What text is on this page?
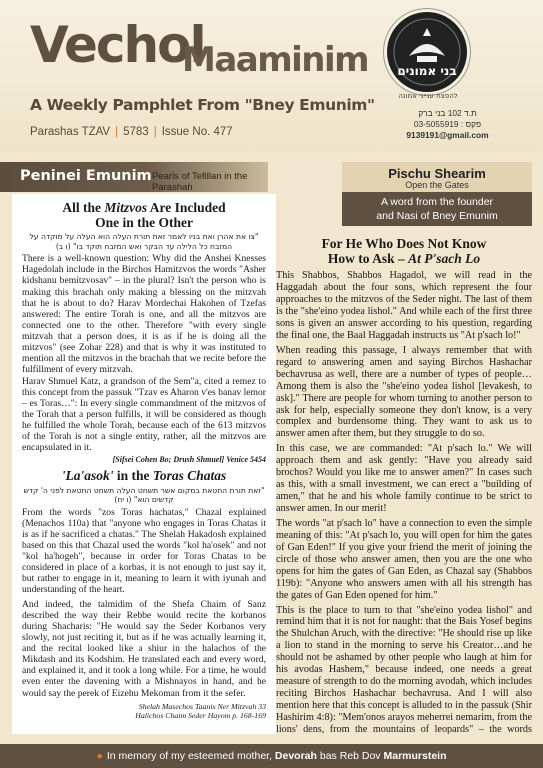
Vechol
Maaminim
A Weekly Pamphlet From "Bney Emunim"
Parashas TZAV | 5783 | Issue No. 477
בני אמונים
להפצת ענייני אמונה
ת.ד 102 בני ברק
03-5055919 : פקס
9139191@gmail.com
Peninei Emunim Pearls of Tefillan in the Parashah
Pischu Shearim
Open the Gates
A word from the founder
and Nasi of Bney Emunim
All the Mitzvos Are Included
One in the Other
"צו את אהרן ואת בניו לאמר זאת תורת העלה הוא העלה על מוקדה על המזבח כל הלילה עד הבקר ואש המזבח תוקד בו" (ו ב)

There is a well-known question: Why did the Anshei Knesses Hagedolah include in the Birchos Hamitzvos the words "Asher kidshanu bemitzvosav" – in the plural? Isn't the person who is making this brachah only making a blessing on the mitzvah that he is about to do? Harav Mordechai Hakohen of Tzefas answered: The entire Torah is one, and all the mitzvos are connected one to the other. Therefore "with every single mitzvah that a person does, it is as if he is doing all the mitzvos" (see Zohar 228) and that is why it was instituted to mention all the mitzvos in the brachah that we recite before the fulfillment of every mitzvah.

Harav Shmuel Katz, a grandson of the Sem"a, cited a remez to this concept from the passuk "Tzav es Aharon v'es banav lemor – es Toras…": In every single commandment of the mitzvos of the Torah that a person fulfills, it will be considered as though he fulfilled the whole Torah, because each of the 613 mitzvos of the Torah is not a single entity, rather, all the mitzvos are encapsulated in it.

[Sifsei Cohen Bo; Drush Shmuel] Venice 5454
'La'asok' in the Toras Chatas
"זאת תורת החטאת במקום אשר תשחט העלה תשחט החטאת לפני ה' קדש קדשים הוא" (ו יח)

From the words "zos Toras hachatas," Chazal explained (Menachos 110a) that "anyone who engages in Toras Chatas it is as if he sacrificed a chatas." The Shelah Hakadosh explained based on this that Chazal used the words "kol ha'osek" and not "kol ha'hogeh", because in order for Toras Chatas to be considered in place of a korbas, it is not enough to just say it, but rather to engage in it, meaning to learn it with iyunah and understanding of the heart.

And indeed, the talmidim of the Shefa Chaim of Sanz described the way their Rebbe would recite the korbanos during Shacharis: "He would say the Seder Korbanos very slowly, not just reciting it, but as if he was actually learning it, and the recital looked like a shiur in the halachos of the Mikdash and its Kodshim. He translated each and every word, and explained it, and it took a long while. For a time, he would even enter the davening with a Mishnayos in hand, and he would say the perek of Eizehu Mekoman from it the sefer.

Shelah Masechos Taanis Ner Mitzvah 33
Halichos Chaim Seder Hayom p. 168-169
For He Who Does Not Know
How to Ask – At P'sach Lo

This Shabbos, Shabbos Hagadol, we will read in the Haggadah about the four sons, which represent the four approaches to the mitzvos of the Seder night. The last of them is the "she'eino yodea lishol." And while each of the first three sons is given an answer according to his question, regarding the final one, the Baal Haggadah instructs us "At p'sach lo!"

When reading this passage, I always remember that with regard to answering amen and saying Birchos Hashachar bechavrusa as well, there are a number of types of people…Among them is also the "she'eino yodea lishol [levakesh, to ask]." There are people for whom turning to another person to ask for help, especially someone they don't know, is a very complex and burdensome thing. They want to ask us to answer amen after them, but they struggle to do so.

In this case, we are commanded: "At p'sach lo." We will approach them and ask gently: "Have you already said brochos? Would you like me to answer amen?" In cases such as this, with a small investment, we can erect a "building of amen," that he and his whole family continue to be strict to answer amen. In our merit!

The words "at p'sach lo" have a connection to even the simple meaning of this: "At p'sach lo, you will open for him the gates of Gan Eden!" If you give your friend the merit of joining the circle of those who answer amen, then you are the one who opens for him the gates of Gan Eden, as Chazal say (Shabbos 119b): "Anyone who answers amen with all his strength has the gates of Gan Eden opened for him."

This is the place to turn to that "she'eino yodea lishol" and remind him that it is not for naught: that the Bais Yosef begins the Shulchan Aruch, with the directive: "He should rise up like a lion to stand in the morning to serve his Creator…and he should not be ashamed by other people who laugh at him for his avodas Hashem," because indeed, one needs a great measure of strength to do the morning avodah, which includes reciting Birchos Hashachar bechavrusa. And I will also mention here that this concept is alluded to in the passuk (Shir Hashirim 4:8): "Mem'onos arayos meherrei nemarim, from the lions' dens, from the mountains of leopards" – the words

● In memory of my esteemed mother, Devorah bas Reb Dov Marmurstein
